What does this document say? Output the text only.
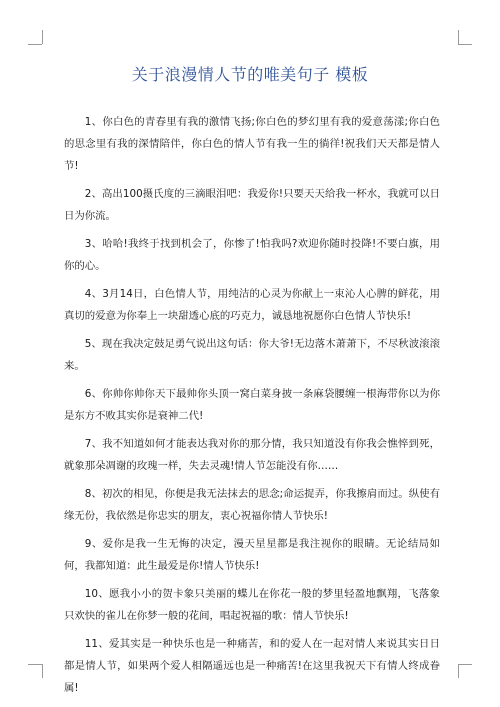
关于浪漫情人节的唯美句子 模板

1、你白色的青春里有我的激情飞扬;你白色的梦幻里有我的爱意荡漾;你白色的思念里有我的深情陪伴，你白色的情人节有我一生的徜徉!祝我们天天都是情人节!

2、高出100摄氏度的三滴眼泪吧：我爱你!只要天天给我一杯水，我就可以日日为你流。

3、哈哈!我终于找到机会了，你惨了!怕我吗?欢迎你随时投降!不要白旗，用你的心。

4、3月14日，白色情人节，用纯洁的心灵为你献上一束沁人心脾的鲜花，用真切的爱意为你奉上一块甜透心底的巧克力，诚恳地祝愿你白色情人节快乐!

5、现在我决定鼓足勇气说出这句话：你大爷!无边落木萧萧下，不尽秋波滚滚来。

6、你帅你帅你天下最帅你头顶一窝白菜身披一条麻袋腰缠一根海带你以为你是东方不败其实你是衰神二代!

7、我不知道如何才能表达我对你的那分情，我只知道没有你我会憔悴到死，就象那朵凋谢的玫瑰一样，失去灵魂!情人节怎能没有你……

8、初次的相见，你便是我无法抹去的思念;命运捉弄，你我擦肩而过。纵使有缘无份，我依然是你忠实的朋友，衷心祝福你情人节快乐!

9、爱你是我一生无悔的决定，漫天星星都是我注视你的眼睛。无论结局如何，我都知道：此生最爱是你!情人节快乐!

10、愿我小小的贺卡象只美丽的蝶儿在你花一般的梦里轻盈地飘翔，飞落象只欢快的雀儿在你梦一般的花间，唱起祝福的歌：情人节快乐!

11、爱其实是一种快乐也是一种痛苦，和的爱人在一起对情人来说其实日日都是情人节，如果两个爱人相隔遥远也是一种痛苦!在这里我祝天下有情人终成眷属!
